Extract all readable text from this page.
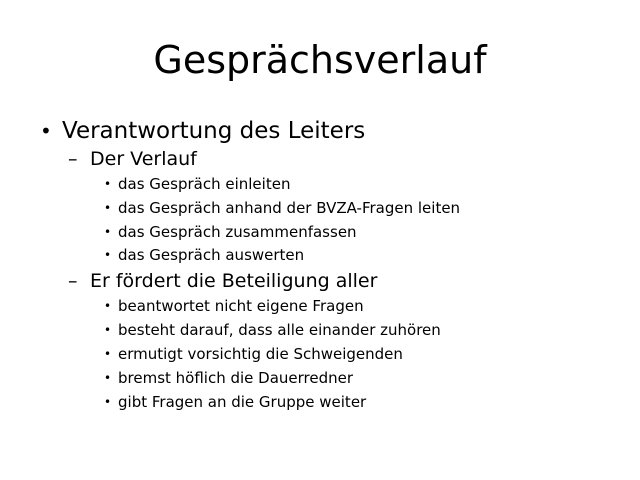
Gesprächsverlauf
• Verantwortung des Leiters
– Der Verlauf
• das Gespräch einleiten
• das Gespräch anhand der BVZA-Fragen leiten
• das Gespräch zusammenfassen
• das Gespräch auswerten
– Er fördert die Beteiligung aller
• beantwortet nicht eigene Fragen
• besteht darauf, dass alle einander zuhören
• ermutigt vorsichtig die Schweigenden
• bremst höflich die Dauerredner
• gibt Fragen an die Gruppe weiter
